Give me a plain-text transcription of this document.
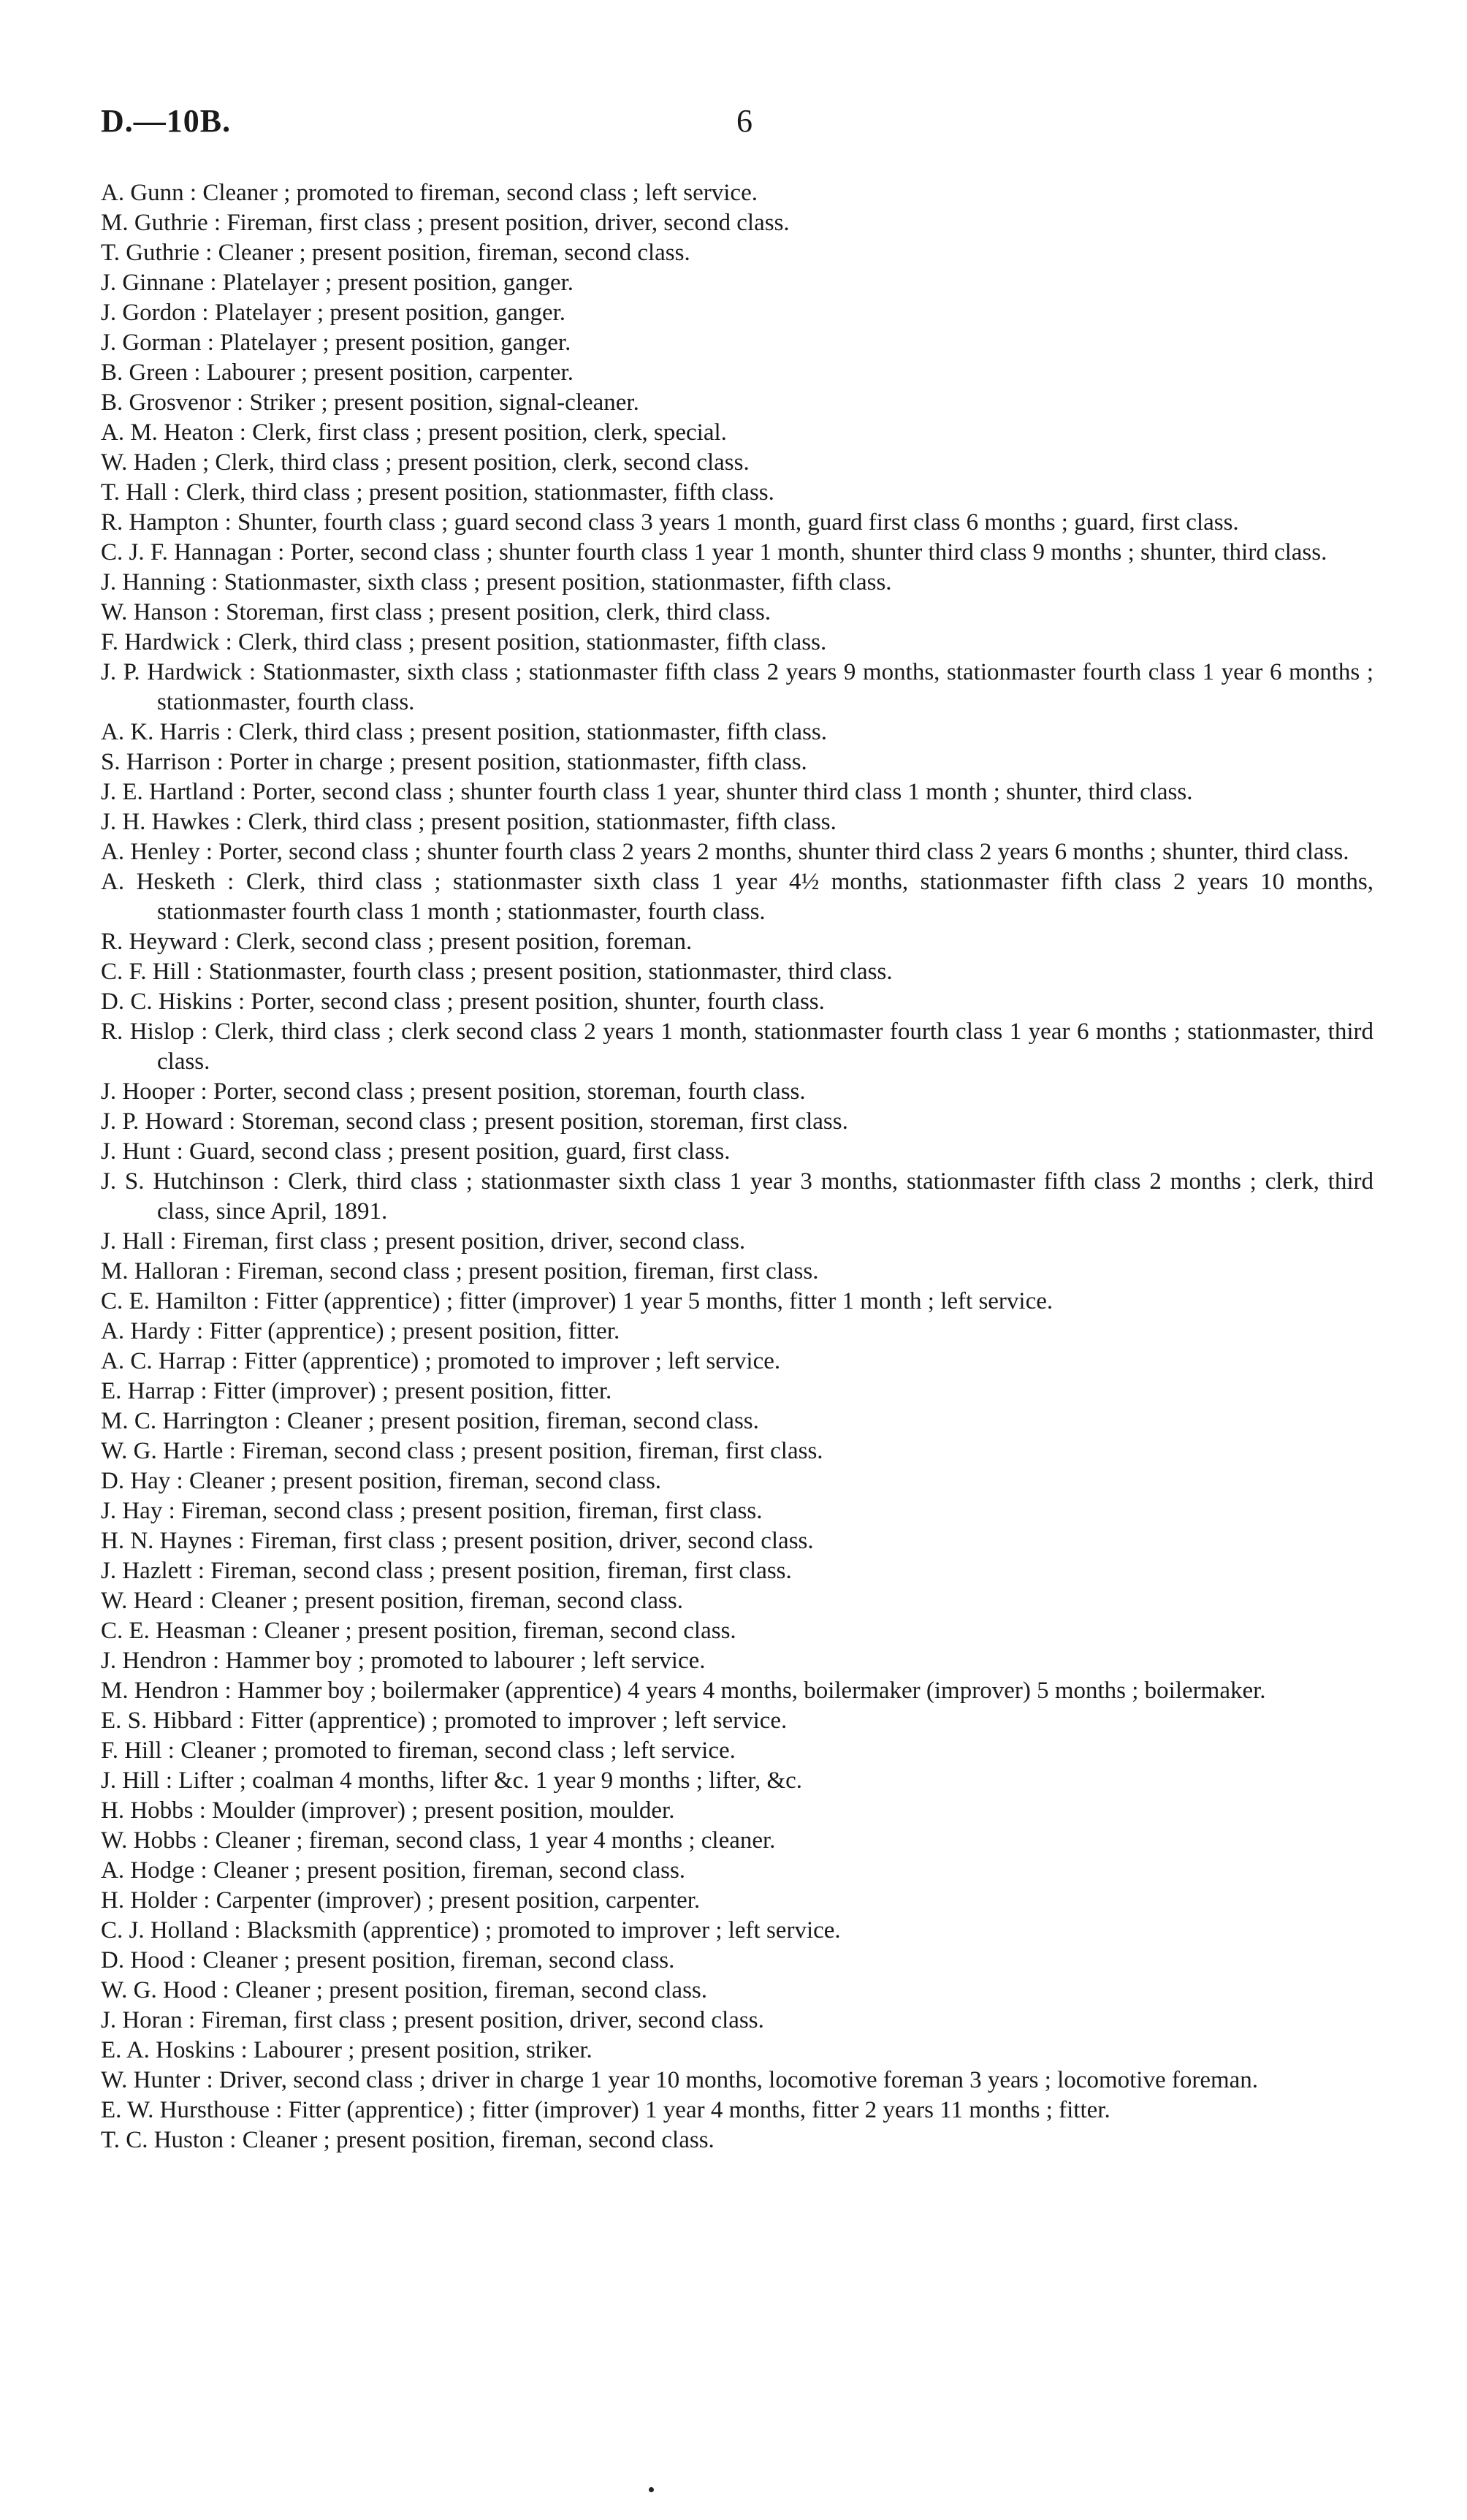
D.—10B.	6
A. Gunn : Cleaner ; promoted to fireman, second class ; left service.
M. Guthrie : Fireman, first class ; present position, driver, second class.
T. Guthrie : Cleaner ; present position, fireman, second class.
J. Ginnane : Platelayer ; present position, ganger.
J. Gordon : Platelayer ; present position, ganger.
J. Gorman : Platelayer ; present position, ganger.
B. Green : Labourer ; present position, carpenter.
B. Grosvenor : Striker ; present position, signal-cleaner.
A. M. Heaton : Clerk, first class ; present position, clerk, special.
W. Haden ; Clerk, third class ; present position, clerk, second class.
T. Hall : Clerk, third class ; present position, stationmaster, fifth class.
R. Hampton : Shunter, fourth class ; guard second class 3 years 1 month, guard first class 6 months ; guard, first class.
C. J. F. Hannagan : Porter, second class ; shunter fourth class 1 year 1 month, shunter third class 9 months ; shunter, third class.
J. Hanning : Stationmaster, sixth class ; present position, stationmaster, fifth class.
W. Hanson : Storeman, first class ; present position, clerk, third class.
F. Hardwick : Clerk, third class ; present position, stationmaster, fifth class.
J. P. Hardwick : Stationmaster, sixth class ; stationmaster fifth class 2 years 9 months, stationmaster fourth class 1 year 6 months ; stationmaster, fourth class.
A. K. Harris : Clerk, third class ; present position, stationmaster, fifth class.
S. Harrison : Porter in charge ; present position, stationmaster, fifth class.
J. E. Hartland : Porter, second class ; shunter fourth class 1 year, shunter third class 1 month ; shunter, third class.
J. H. Hawkes : Clerk, third class ; present position, stationmaster, fifth class.
A. Henley : Porter, second class ; shunter fourth class 2 years 2 months, shunter third class 2 years 6 months ; shunter, third class.
A. Hesketh : Clerk, third class ; stationmaster sixth class 1 year 4½ months, stationmaster fifth class 2 years 10 months, stationmaster fourth class 1 month ; stationmaster, fourth class.
R. Heyward : Clerk, second class ; present position, foreman.
C. F. Hill : Stationmaster, fourth class ; present position, stationmaster, third class.
D. C. Hiskins : Porter, second class ; present position, shunter, fourth class.
R. Hislop : Clerk, third class ; clerk second class 2 years 1 month, stationmaster fourth class 1 year 6 months ; stationmaster, third class.
J. Hooper : Porter, second class ; present position, storeman, fourth class.
J. P. Howard : Storeman, second class ; present position, storeman, first class.
J. Hunt : Guard, second class ; present position, guard, first class.
J. S. Hutchinson : Clerk, third class ; stationmaster sixth class 1 year 3 months, stationmaster fifth class 2 months ; clerk, third class, since April, 1891.
J. Hall : Fireman, first class ; present position, driver, second class.
M. Halloran : Fireman, second class ; present position, fireman, first class.
C. E. Hamilton : Fitter (apprentice) ; fitter (improver) 1 year 5 months, fitter 1 month ; left service.
A. Hardy : Fitter (apprentice) ; present position, fitter.
A. C. Harrap : Fitter (apprentice) ; promoted to improver ; left service.
E. Harrap : Fitter (improver) ; present position, fitter.
M. C. Harrington : Cleaner ; present position, fireman, second class.
W. G. Hartle : Fireman, second class ; present position, fireman, first class.
D. Hay : Cleaner ; present position, fireman, second class.
J. Hay : Fireman, second class ; present position, fireman, first class.
H. N. Haynes : Fireman, first class ; present position, driver, second class.
J. Hazlett : Fireman, second class ; present position, fireman, first class.
W. Heard : Cleaner ; present position, fireman, second class.
C. E. Heasman : Cleaner ; present position, fireman, second class.
J. Hendron : Hammer boy ; promoted to labourer ; left service.
M. Hendron : Hammer boy ; boilermaker (apprentice) 4 years 4 months, boilermaker (improver) 5 months ; boilermaker.
E. S. Hibbard : Fitter (apprentice) ; promoted to improver ; left service.
F. Hill : Cleaner ; promoted to fireman, second class ; left service.
J. Hill : Lifter ; coalman 4 months, lifter &c. 1 year 9 months ; lifter, &c.
H. Hobbs : Moulder (improver) ; present position, moulder.
W. Hobbs : Cleaner ; fireman, second class, 1 year 4 months ; cleaner.
A. Hodge : Cleaner ; present position, fireman, second class.
H. Holder : Carpenter (improver) ; present position, carpenter.
C. J. Holland : Blacksmith (apprentice) ; promoted to improver ; left service.
D. Hood : Cleaner ; present position, fireman, second class.
W. G. Hood : Cleaner ; present position, fireman, second class.
J. Horan : Fireman, first class ; present position, driver, second class.
E. A. Hoskins : Labourer ; present position, striker.
W. Hunter : Driver, second class ; driver in charge 1 year 10 months, locomotive foreman 3 years ; locomotive foreman.
E. W. Hursthouse : Fitter (apprentice) ; fitter (improver) 1 year 4 months, fitter 2 years 11 months ; fitter.
T. C. Huston : Cleaner ; present position, fireman, second class.
